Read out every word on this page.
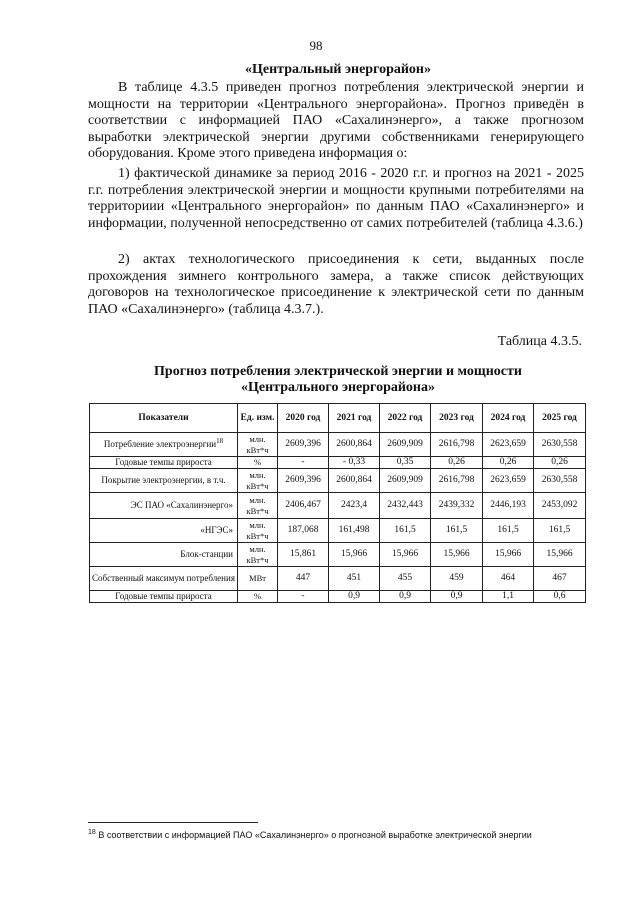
98
«Центральный энергорайон»

В таблице 4.3.5 приведен прогноз потребления электрической энергии и мощности на территории «Центрального энергорайона». Прогноз приведён в соответствии с информацией ПАО «Сахалинэнерго», а также прогнозом выработки электрической энергии другими собственниками генерирующего оборудования. Кроме этого приведена информация о:

1) фактической динамике за период 2016 - 2020 г.г. и прогноз на 2021 - 2025 г.г. потребления электрической энергии и мощности крупными потребителями на территориии «Центрального энергорайон» по данным ПАО «Сахалинэнерго» и информации, полученной непосредственно от самих потребителей (таблица 4.3.6.)

2) актах технологического присоединения к сети, выданных после прохождения зимнего контрольного замера, а также список действующих договоров на технологическое присоединение к электрической сети по данным ПАО «Сахалинэнерго» (таблица 4.3.7.).

Таблица 4.3.5.
Прогноз потребления электрической энергии и мощности
«Центрального энергорайона»
Показатели	Ед. изм.	2020 год	2021 год	2022 год	2023 год	2024 год	2025 год
Потребление электроэнергии$^{18}$	млн. кВт*ч	2609,396	2600,864	2609,909	2616,798	2623,659	2630,558
Годовые темпы прироста	%	-	- 0,33	0,35	0,26	0,26	0,26
Покрытие электроэнергии, в т.ч.	млн. кВт*ч	2609,396	2600,864	2609,909	2616,798	2623,659	2630,558
ЭС ПАО «Сахалинэнерго»	млн. кВт*ч	2406,467	2423,4	2432,443	2439,332	2446,193	2453,092
«НГЭС»	млн. кВт*ч	187,068	161,498	161,5	161,5	161,5	161,5
Блок-станции	млн. кВт*ч	15,861	15,966	15,966	15,966	15,966	15,966
Собственный максимум потребления	МВт	447	451	455	459	464	467
Годовые темпы прироста	%	-	0,9	0,9	0,9	1,1	0,6
$^{18}$ В соответствии с информацией ПАО «Сахалинэнерго» о прогнозной выработке электрической энергии
